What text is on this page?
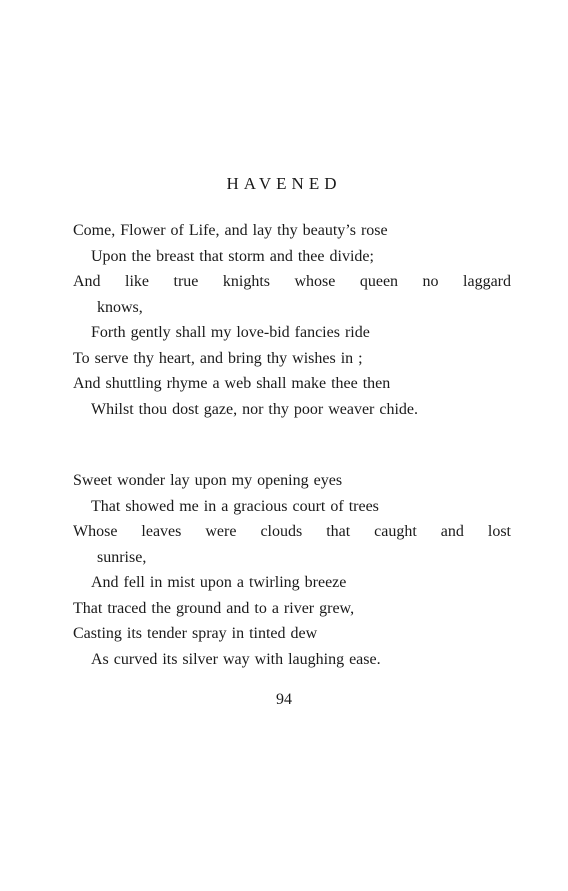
HAVENED
Come, Flower of Life, and lay thy beauty’s rose
Upon the breast that storm and thee divide;
And like true knights whose queen no laggard
knows,
Forth gently shall my love-bid fancies ride
To serve thy heart, and bring thy wishes in ;
And shuttling rhyme a web shall make thee then
Whilst thou dost gaze, nor thy poor weaver chide.
Sweet wonder lay upon my opening eyes
That showed me in a gracious court of trees
Whose leaves were clouds that caught and lost
sunrise,
And fell in mist upon a twirling breeze
That traced the ground and to a river grew,
Casting its tender spray in tinted dew
As curved its silver way with laughing ease.

94
